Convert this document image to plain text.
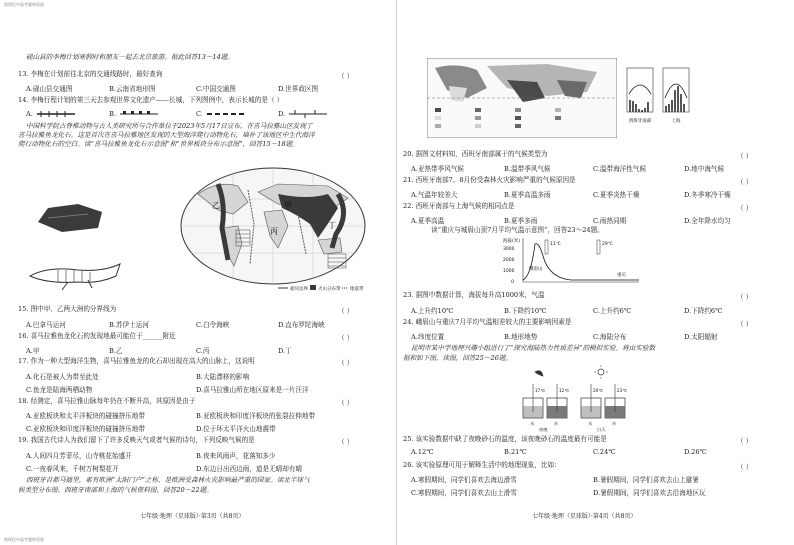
数理化中高考题库资源
数理化中高考题库资源
砚山县的李梅计划寒假时和朋友一起去北京旅游。据此回答13～14题。
13. 李梅在计划前往北京的交通线路时，最好查询	（ ）
A.砚山县交通图	B.云南省地形图	C.中国交通图	D.世界政区图
14. 李梅行程计划的第三天去参观世界文化遗产——长城，下列图例中，表示长城的是（ ）
A.	B.	C.	D.
中国科学院古脊椎动物与古人类研究所与合作单位于2023年5月17日宣布，在喜马拉雅山区发现了
喜马拉雅鱼龙化石。这是首次在喜马拉雅地区发现的大型海洋爬行动物化石，填补了该地区中生代海洋
爬行动物化石的空白。读“喜马拉雅鱼龙化石示意图”和“世界板块分布示意图”，回答15～18题。
甲
乙
丙
丁
板块边界 火山分布带 地震带
15. 图中甲、乙两大洲的分界线为	（ ）
A.巴拿马运河	B.苏伊士运河	C.白令海峡	D.直布罗陀海峡
16. 喜马拉雅鱼龙化石的发现地最可能位于______附近	（ ）
A.甲	B.乙	C.丙	D.丁
17. 作为一种大型海洋生物，喜马拉雅鱼龙的化石却出现在高大的山脉上，这说明	（ ）
A.化石是被人为带至此处	B.大陆漂移的影响
C.鱼龙是陆海两栖动物	D.喜马拉雅山所在地区原来是一片汪洋
18. 经测定，喜马拉雅山脉每年仍在不断升高，其原因是由于	（ ）
A.亚欧板块和太平洋板块的碰撞挤压地带	B.亚欧板块和印度洋板块的张裂拉伸地带
C.亚欧板块和印度洋板块的碰撞挤压地带	D.位于环太平洋火山地震带
19. 我国古代诗人为我们留下了许多反映天气或者气候的诗句，下列反映气候的是	（ ）
A.人间四月芳菲尽，山寺桃花始盛开	B.夜来风雨声，花落知多少
C.一夜春风来，千树万树梨花开	D.东边日出西边雨，道是无晴却有晴
西班牙首都马德里，素有欧洲“太阳门户”之称，是欧洲受森林火灾影响最严重的国家。读北半球气
候类型分布图、西班牙南部和上海的气候资料图，回答20～22题。
七年级·地理（星球版）·第3页（共8页）
西班牙南部	上海
20. 据图文材料知，西班牙南部属于的气候类型为	（ ）
A.亚热带季风气候	B.温带季风气候	C.温带海洋性气候	D.地中海气候
21. 西班牙南部7、8月份受森林火灾影响严重的气候原因是	（ ）
A.气温年较差大	B.夏季高温多雨	C.夏季炎热干燥	D.冬季寒冷干燥
22. 西班牙南部与上海气候的相同点是	（ ）
A.夏季高温	B.夏季多雨	C.雨热同期	D.全年降水均匀
读“重庆与城眉山顶7月平均气温示意图”，回答23～24题。
海拔(米)
3000
2000
1000
0
11℃	29℃
峨眉山
重庆
23. 据图中数据计算，海拔每升高1000米，气温	（ ）
A.上升约10℃	B.下降约10℃	C.上升约6℃	D.下降约6℃
24. 峨眉山与重庆7月平均气温相差较大的主要影响因素是	（ ）
A.纬度位置	B.地形地势	C.海陆分布	D.太阳辐射
昆明市某中学地理兴趣小组进行了“探究海陆热力性质差异”的模拟实验。将由实验数
据和如下图，读图，回答25～26题。
17℃	12℃	20℃	23℃
水	沙	水	沙
夜晚	白天
25. 该实验数据中缺了夜晚砂石的温度，该夜晚砂石的温度最有可能是	（ ）
A.12℃	B.21℃	C.24℃	D.26℃
26. 该实验原理可用于解释生活中的地理现象，比如：	（ ）
A.寒假期间，同学们喜欢去海边滑雪	B.暑假期间，同学们喜欢去山上避暑
C.寒假期间，同学们喜欢去山上滑雪	D.暑假期间，同学们喜欢去沿海地区玩
七年级·地理（星球版）·第4页（共8页）
